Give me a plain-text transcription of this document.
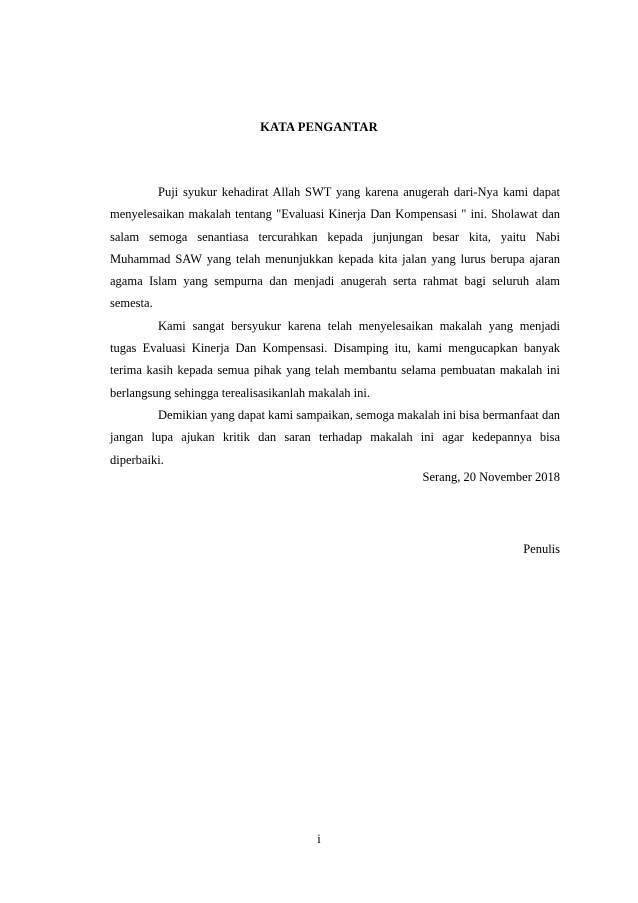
KATA PENGANTAR

Puji syukur kehadirat Allah SWT yang karena anugerah dari-Nya kami dapat menyelesaikan makalah tentang "Evaluasi Kinerja Dan Kompensasi " ini. Sholawat dan salam semoga senantiasa tercurahkan kepada junjungan besar kita, yaitu Nabi Muhammad SAW yang telah menunjukkan kepada kita jalan yang lurus berupa ajaran agama Islam yang sempurna dan menjadi anugerah serta rahmat bagi seluruh alam semesta.

Kami sangat bersyukur karena telah menyelesaikan makalah yang menjadi tugas Evaluasi Kinerja Dan Kompensasi. Disamping itu, kami mengucapkan banyak terima kasih kepada semua pihak yang telah membantu selama pembuatan makalah ini berlangsung sehingga terealisasikanlah makalah ini.

Demikian yang dapat kami sampaikan, semoga makalah ini bisa bermanfaat dan jangan lupa ajukan kritik dan saran terhadap makalah ini agar kedepannya bisa diperbaiki.

Serang, 20 November 2018
Penulis
i
